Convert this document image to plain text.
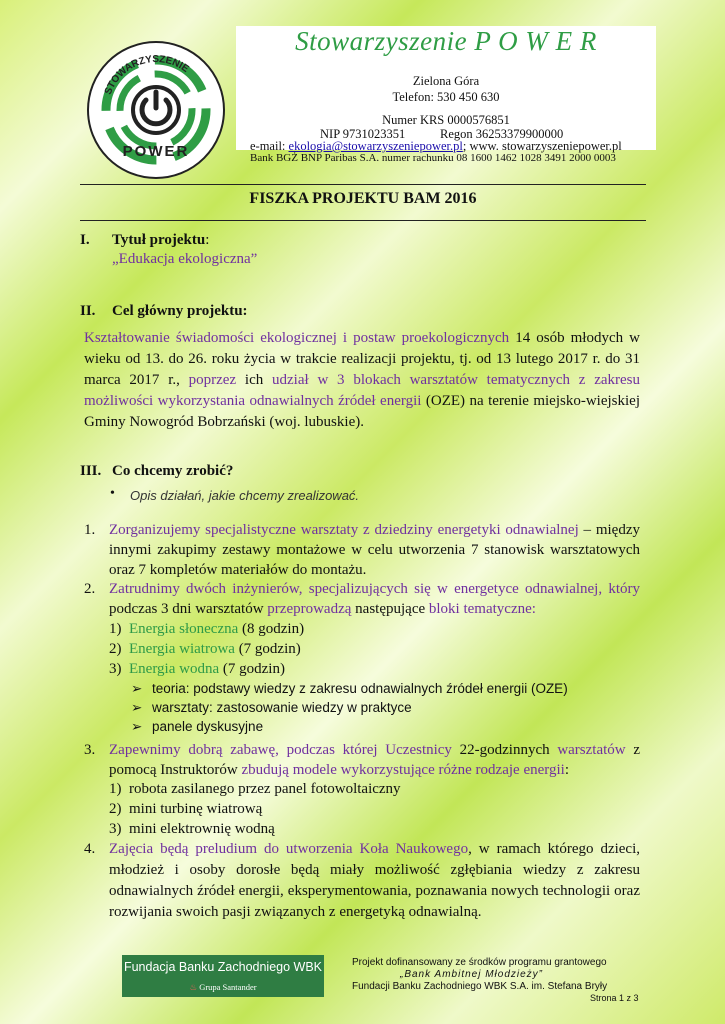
STOWARZYSZENIE
POWER
Stowarzyszenie P O W E R
Zielona Góra
Telefon: 530 450 630
Numer KRS 0000576851
NIP 9731023351	Regon 36253379900000
e-mail: ekologia@stowarzyszeniepower.pl; www. stowarzyszeniepower.pl
Bank BGŻ BNP Paribas S.A. numer rachunku 08 1600 1462 1028 3491 2000 0003
FISZKA PROJEKTU BAM 2016
I. Tytuł projektu:
„Edukacja ekologiczna”
II. Cel główny projektu:
Kształtowanie świadomości ekologicznej i postaw proekologicznych 14 osób młodych w wieku od 13. do 26. roku życia w trakcie realizacji projektu, tj. od 13 lutego 2017 r. do 31 marca 2017 r., poprzez ich udział w 3 blokach warsztatów tematycznych z zakresu możliwości wykorzystania odnawialnych źródeł energii (OZE) na terenie miejsko-wiejskiej Gminy Nowogród Bobrzański (woj. lubuskie).
III. Co chcemy zrobić?
• Opis działań, jakie chcemy zrealizować.
1. Zorganizujemy specjalistyczne warsztaty z dziedziny energetyki odnawialnej – między innymi zakupimy zestawy montażowe w celu utworzenia 7 stanowisk warsztatowych oraz 7 kompletów materiałów do montażu.
2. Zatrudnimy dwóch inżynierów, specjalizujących się w energetyce odnawialnej, który podczas 3 dni warsztatów przeprowadzą następujące bloki tematyczne:
1) Energia słoneczna (8 godzin)
2) Energia wiatrowa (7 godzin)
3) Energia wodna (7 godzin)
➢ teoria: podstawy wiedzy z zakresu odnawialnych źródeł energii (OZE)
➢ warsztaty: zastosowanie wiedzy w praktyce
➢ panele dyskusyjne
3. Zapewnimy dobrą zabawę, podczas której Uczestnicy 22-godzinnych warsztatów z pomocą Instruktorów zbudują modele wykorzystujące różne rodzaje energii:
1) robota zasilanego przez panel fotowoltaiczny
2) mini turbinę wiatrową
3) mini elektrownię wodną
4. Zajęcia będą preludium do utworzenia Koła Naukowego, w ramach którego dzieci, młodzież i osoby dorosłe będą miały możliwość zgłębiania wiedzy z zakresu odnawialnych źródeł energii, eksperymentowania, poznawania nowych technologii oraz rozwijania swoich pasji związanych z energetyką odnawialną.
Fundacja Banku Zachodniego WBK
♨ Grupa Santander
Projekt dofinansowany ze środków programu grantowego
„Bank Ambitnej Młodzieży”
Fundacji Banku Zachodniego WBK S.A. im. Stefana Bryły
Strona 1 z 3
